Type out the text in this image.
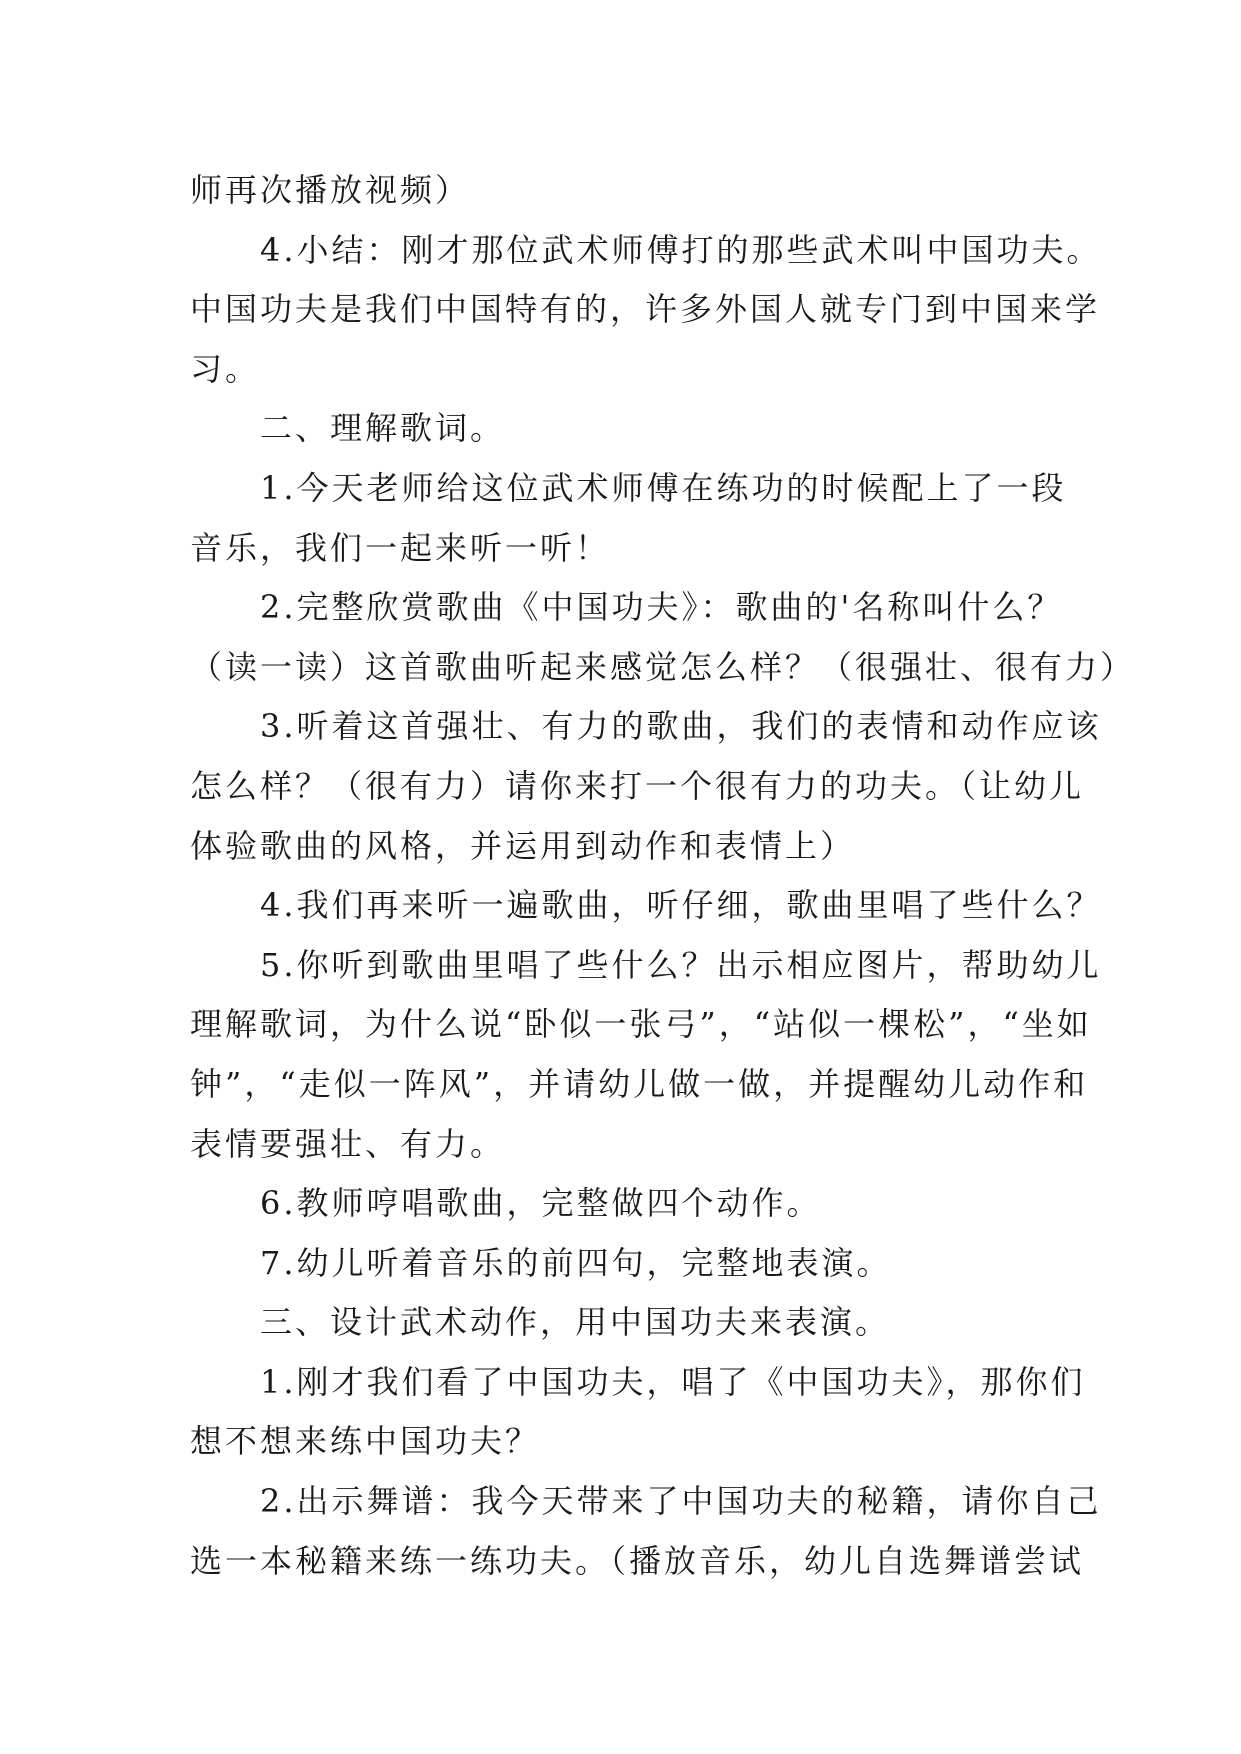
师再次播放视频）
4.小结：刚才那位武术师傅打的那些武术叫中国功夫。
中国功夫是我们中国特有的，许多外国人就专门到中国来学
习。
二、理解歌词。
1.今天老师给这位武术师傅在练功的时候配上了一段
音乐，我们一起来听一听！
2.完整欣赏歌曲《中国功夫》：歌曲的'名称叫什么？
（读一读）这首歌曲听起来感觉怎么样？（很强壮、很有力）
3.听着这首强壮、有力的歌曲，我们的表情和动作应该
怎么样？（很有力）请你来打一个很有力的功夫。（让幼儿
体验歌曲的风格，并运用到动作和表情上）
4.我们再来听一遍歌曲，听仔细，歌曲里唱了些什么？
5.你听到歌曲里唱了些什么？出示相应图片，帮助幼儿
理解歌词，为什么说“卧似一张弓”，“站似一棵松”，“坐如
钟”，“走似一阵风”，并请幼儿做一做，并提醒幼儿动作和
表情要强壮、有力。
6.教师哼唱歌曲，完整做四个动作。
7.幼儿听着音乐的前四句，完整地表演。
三、设计武术动作，用中国功夫来表演。
1.刚才我们看了中国功夫，唱了《中国功夫》，那你们
想不想来练中国功夫？
2.出示舞谱：我今天带来了中国功夫的秘籍，请你自己
选一本秘籍来练一练功夫。（播放音乐，幼儿自选舞谱尝试
